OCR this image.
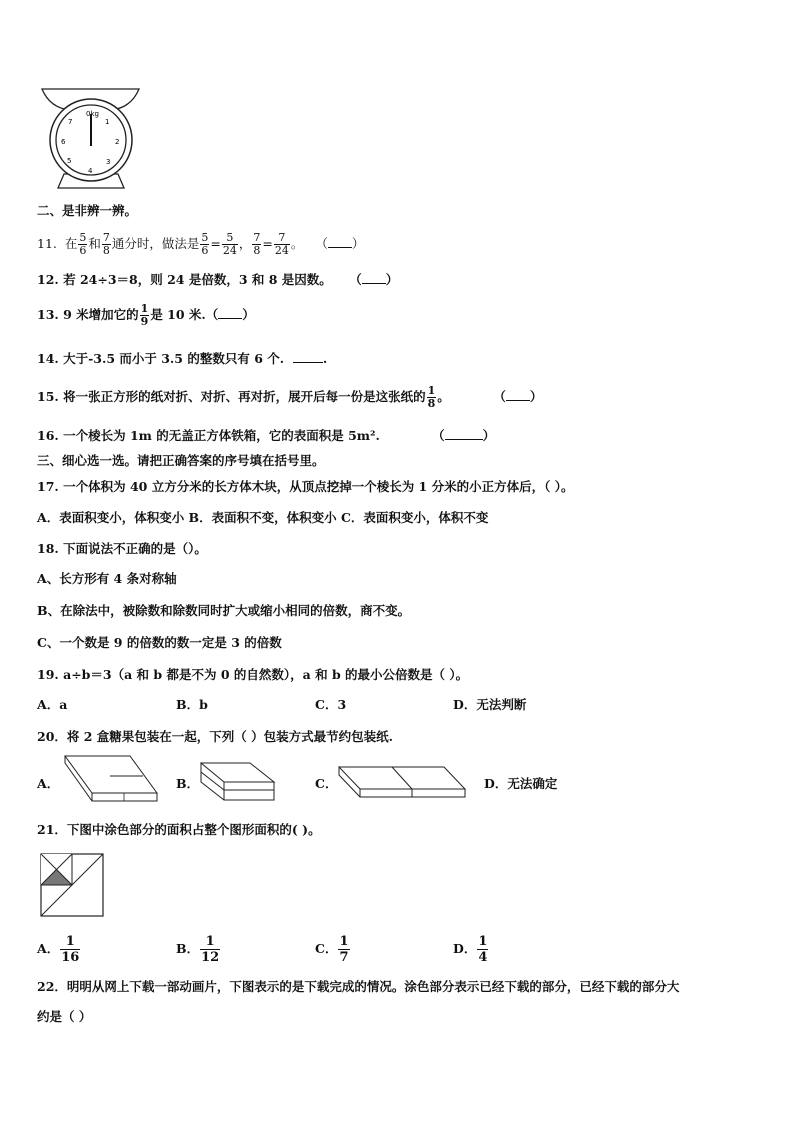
0kg
1
2
3
4
5
6
7
二、是非辨一辨。
11. 在 $\frac{5}{6}$ 和 $\frac{7}{8}$ 通分时，做法是 $\frac{5}{6} = \frac{5}{24}$ ， $\frac{7}{8} = \frac{7}{24}$ 。 （ ）
12. 若 24÷3＝8，则 24 是倍数，3 和 8 是因数。 （ ）
13. 9 米增加它的 $\frac{1}{9}$ 是 10 米.（ ）
14. 大于-3.5 而小于 3.5 的整数只有 6 个.	.
15. 将一张正方形的纸对折、对折、再对折，展开后每一份是这张纸的 $\frac{1}{8}$ 。	（ ）
16. 一个棱长为 1m 的无盖正方体铁箱，它的表面积是 5m².	（	）
三、细心选一选。请把正确答案的序号填在括号里。
17. 一个体积为 40 立方分米的长方体木块，从顶点挖掉一个棱长为 1 分米的小正方体后，（ ）。
A．表面积变小，体积变小 B．表面积不变，体积变小 C．表面积变小，体积不变
18. 下面说法不正确的是（）。
A、长方形有 4 条对称轴
B、在除法中，被除数和除数同时扩大或缩小相同的倍数，商不变。
C、一个数是 9 的倍数的数一定是 3 的倍数
19. a÷b＝3（a 和 b 都是不为 0 的自然数），a 和 b 的最小公倍数是（ ）。
A．a	B．b	C．3	D．无法判断
20．将 2 盒糖果包装在一起，下列（ ）包装方式最节约包装纸.
A．	B．	C．	D．无法确定
21．下图中涂色部分的面积占整个图形面积的( )。
A． $\frac{1}{16}$	B． $\frac{1}{12}$	C． $\frac{1}{7}$	D． $\frac{1}{4}$
22．明明从网上下载一部动画片，下图表示的是下载完成的情况。涂色部分表示已经下载的部分，已经下载的部分大
约是（ ）
